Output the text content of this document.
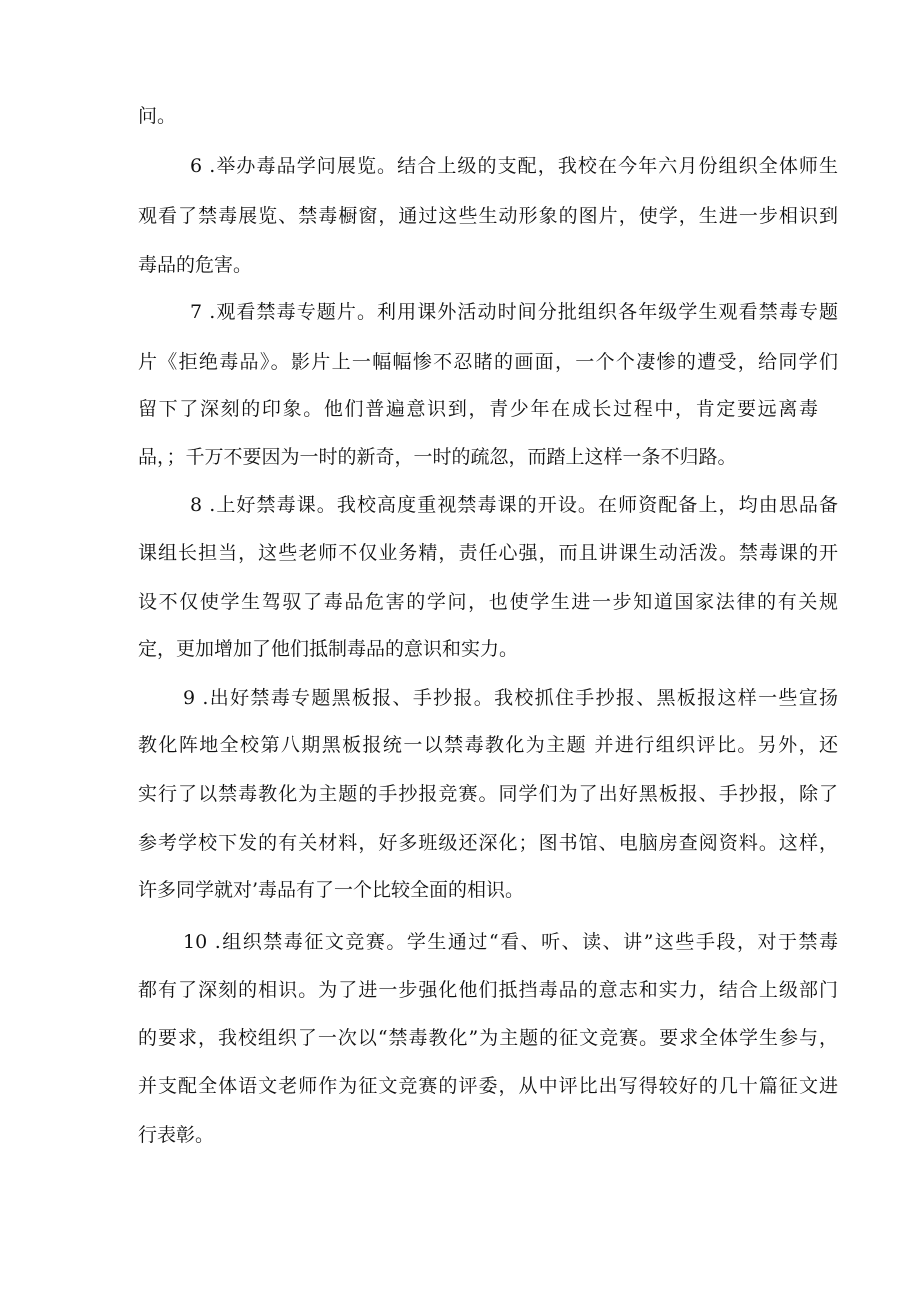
问。
6 .举办毒品学问展览。结合上级的支配，我校在今年六月份组织全体师生
观看了禁毒展览、禁毒橱窗，通过这些生动形象的图片，使学，生进一步相识到
毒品的危害。
7 .观看禁毒专题片。利用课外活动时间分批组织各年级学生观看禁毒专题
片《拒绝毒品》。影片上一幅幅惨不忍睹的画面，一个个凄惨的遭受，给同学们
留下了深刻的印象。他们普遍意识到，青少年在成长过程中，肯定要远离毒
品，；千万不要因为一时的新奇，一时的疏忽，而踏上这样一条不归路。
8 .上好禁毒课。我校高度重视禁毒课的开设。在师资配备上，均由思品备
课组长担当，这些老师不仅业务精，责任心强，而且讲课生动活泼。禁毒课的开
设不仅使学生驾驭了毒品危害的学问，也使学生进一步知道国家法律的有关规
定，更加增加了他们抵制毒品的意识和实力。
9 .出好禁毒专题黑板报、手抄报。我校抓住手抄报、黑板报这样一些宣扬
教化阵地全校第八期黑板报统一以禁毒教化为主题 并进行组织评比。另外，还
实行了以禁毒教化为主题的手抄报竞赛。同学们为了出好黑板报、手抄报，除了
参考学校下发的有关材料，好多班级还深化；图书馆、电脑房查阅资料。这样，
许多同学就对’毒品有了一个比较全面的相识。
10 .组织禁毒征文竞赛。学生通过“看、听、读、讲”这些手段，对于禁毒
都有了深刻的相识。为了进一步强化他们抵挡毒品的意志和实力，结合上级部门
的要求，我校组织了一次以“禁毒教化”为主题的征文竞赛。要求全体学生参与，
并支配全体语文老师作为征文竞赛的评委，从中评比出写得较好的几十篇征文进
行表彰。
